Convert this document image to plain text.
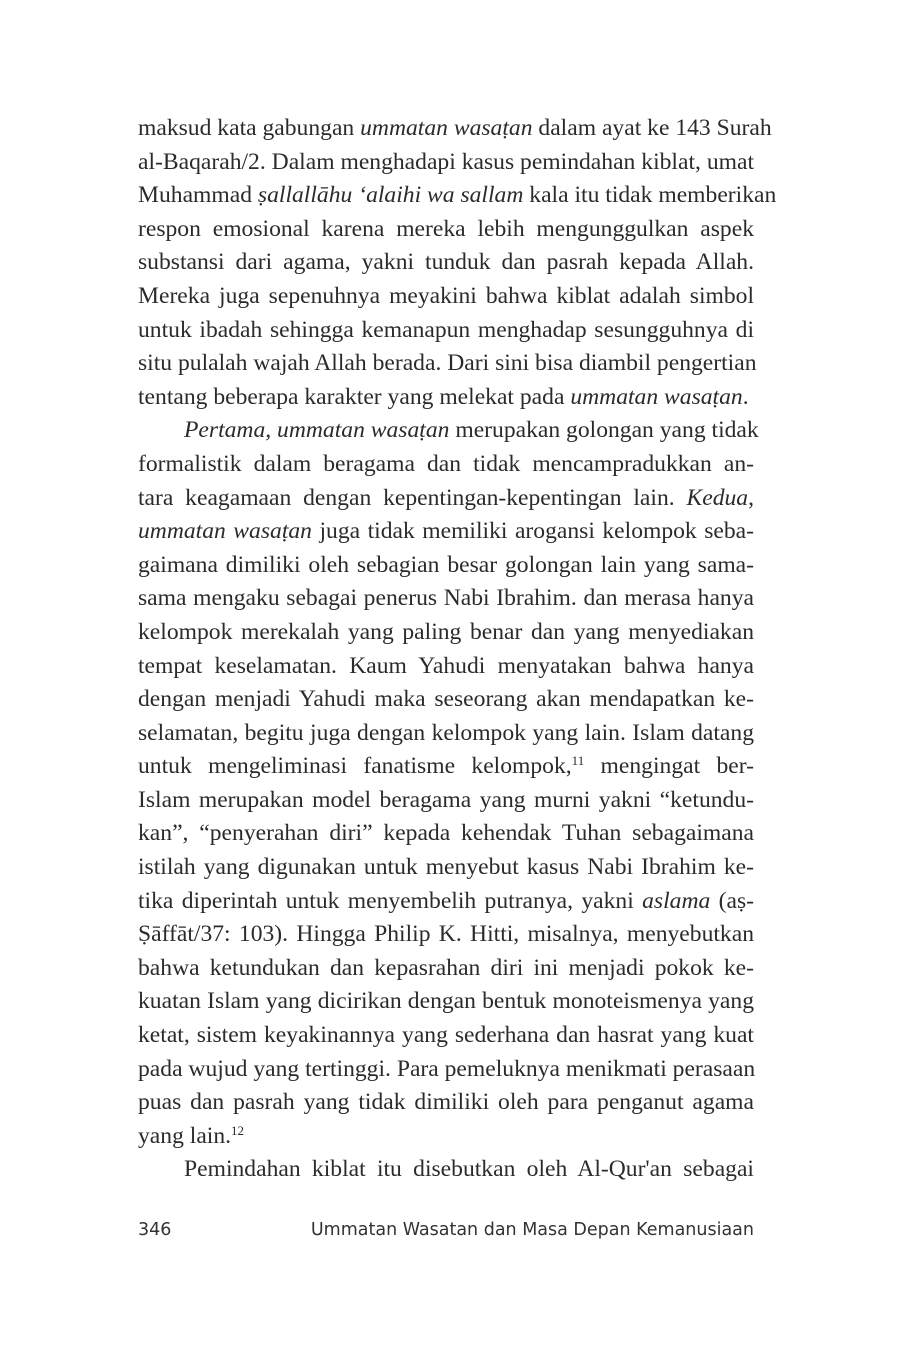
maksud kata gabungan ummatan wasaṭan dalam ayat ke 143 Surah
al-Baqarah/2. Dalam menghadapi kasus pemindahan kiblat, umat
Muhammad ṣallallāhu ‘alaihi wa sallam kala itu tidak memberikan
respon emosional karena mereka lebih mengunggulkan aspek
substansi dari agama, yakni tunduk dan pasrah kepada Allah.
Mereka juga sepenuhnya meyakini bahwa kiblat adalah simbol
untuk ibadah sehingga kemanapun menghadap sesungguhnya di
situ pulalah wajah Allah berada. Dari sini bisa diambil pengertian
tentang beberapa karakter yang melekat pada ummatan wasaṭan.
Pertama, ummatan wasaṭan merupakan golongan yang tidak
formalistik dalam beragama dan tidak mencampradukkan an-
tara keagamaan dengan kepentingan-kepentingan lain. Kedua,
ummatan wasaṭan juga tidak memiliki arogansi kelompok seba-
gaimana dimiliki oleh sebagian besar golongan lain yang sama-
sama mengaku sebagai penerus Nabi Ibrahim. dan merasa hanya
kelompok merekalah yang paling benar dan yang menyediakan
tempat keselamatan. Kaum Yahudi menyatakan bahwa hanya
dengan menjadi Yahudi maka seseorang akan mendapatkan ke-
selamatan, begitu juga dengan kelompok yang lain. Islam datang
untuk mengeliminasi fanatisme kelompok,$^{11}$ mengingat ber-
Islam merupakan model beragama yang murni yakni “ketundu-
kan”, “penyerahan diri” kepada kehendak Tuhan sebagaimana
istilah yang digunakan untuk menyebut kasus Nabi Ibrahim ke-
tika diperintah untuk menyembelih putranya, yakni aslama (aṣ-
Ṣāffāt/37: 103). Hingga Philip K. Hitti, misalnya, menyebutkan
bahwa ketundukan dan kepasrahan diri ini menjadi pokok ke-
kuatan Islam yang dicirikan dengan bentuk monoteismenya yang
ketat, sistem keyakinannya yang sederhana dan hasrat yang kuat
pada wujud yang tertinggi. Para pemeluknya menikmati perasaan
puas dan pasrah yang tidak dimiliki oleh para penganut agama
yang lain.$^{12}$
Pemindahan kiblat itu disebutkan oleh Al-Qur'an sebagai
346	Ummatan Wasatan dan Masa Depan Kemanusiaan
